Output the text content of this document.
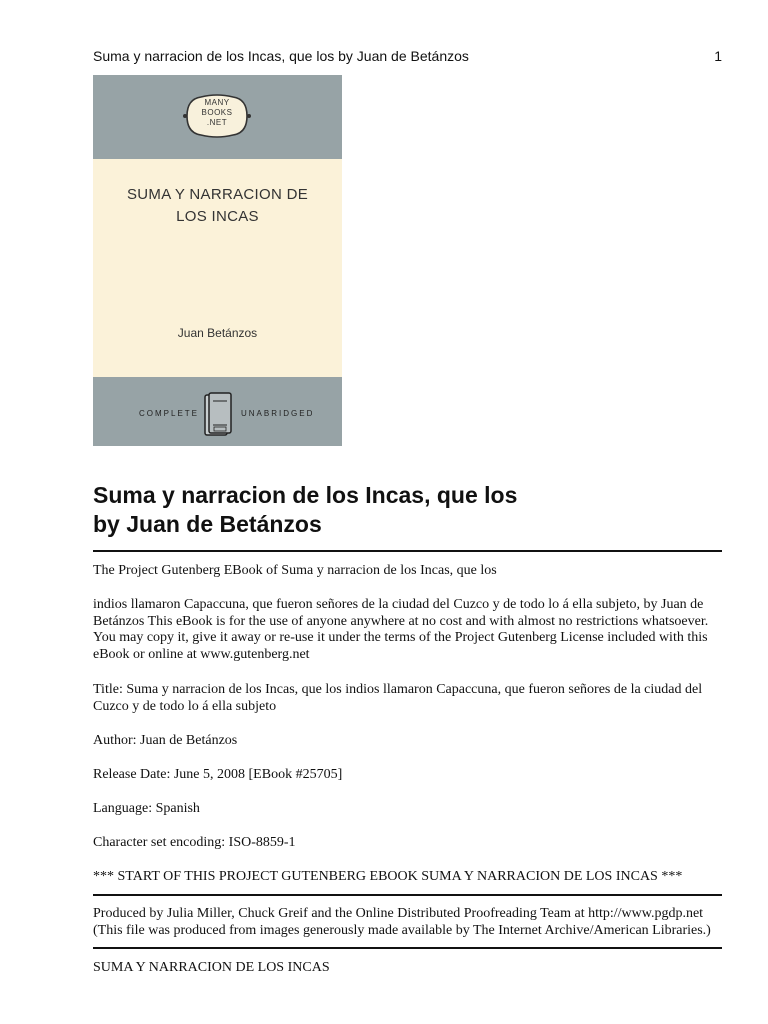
Suma y narracion de los Incas, que los by Juan de Betánzos	1
MANY
BOOKS
.NET
SUMA Y NARRACION DE
LOS INCAS
Juan Betánzos
COMPLETE	UNABRIDGED
Suma y narracion de los Incas, que los
by Juan de Betánzos

The Project Gutenberg EBook of Suma y narracion de los Incas, que los

indios llamaron Capaccuna, que fueron señores de la ciudad del Cuzco y de todo lo á ella subjeto, by Juan de Betánzos This eBook is for the use of anyone anywhere at no cost and with almost no restrictions whatsoever. You may copy it, give it away or re-use it under the terms of the Project Gutenberg License included with this eBook or online at www.gutenberg.net

Title: Suma y narracion de los Incas, que los indios llamaron Capaccuna, que fueron señores de la ciudad del Cuzco y de todo lo á ella subjeto

Author: Juan de Betánzos

Release Date: June 5, 2008 [EBook #25705]

Language: Spanish

Character set encoding: ISO-8859-1

*** START OF THIS PROJECT GUTENBERG EBOOK SUMA Y NARRACION DE LOS INCAS ***

Produced by Julia Miller, Chuck Greif and the Online Distributed Proofreading Team at http://www.pgdp.net (This file was produced from images generously made available by The Internet Archive/American Libraries.)

SUMA Y NARRACION DE LOS INCAS
